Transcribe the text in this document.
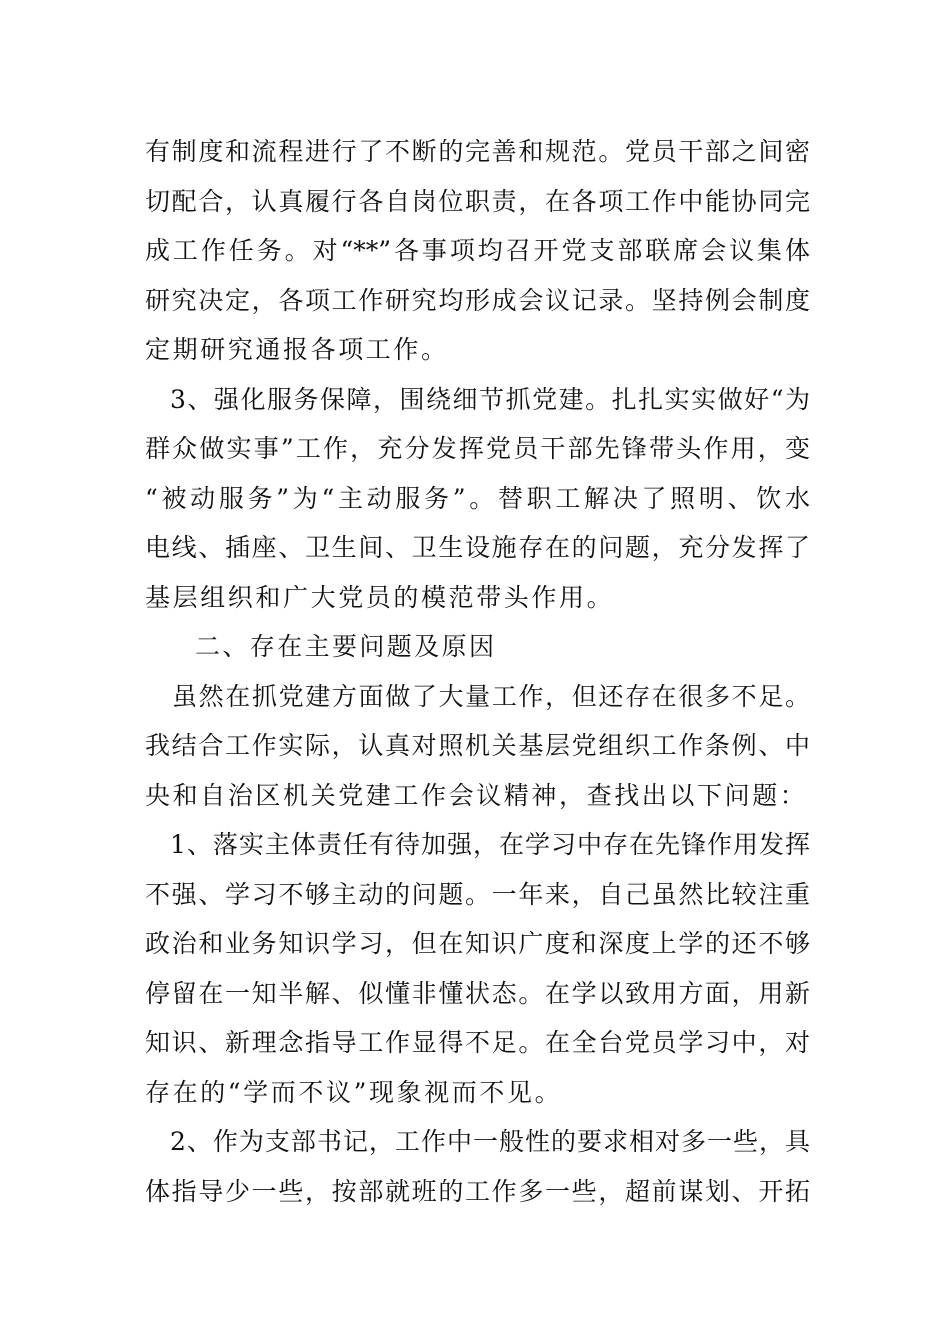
有制度和流程进行了不断的完善和规范。党员干部之间密
切配合，认真履行各自岗位职责，在各项工作中能协同完
成工作任务。对“**”各事项均召开党支部联席会议集体
研究决定，各项工作研究均形成会议记录。坚持例会制度
定期研究通报各项工作。
3、强化服务保障，围绕细节抓党建。扎扎实实做好“为
群众做实事”工作，充分发挥党员干部先锋带头作用，变
“被动服务”为“主动服务”。替职工解决了照明、饮水
电线、插座、卫生间、卫生设施存在的问题，充分发挥了
基层组织和广大党员的模范带头作用。
二、存在主要问题及原因
虽然在抓党建方面做了大量工作，但还存在很多不足。
我结合工作实际，认真对照机关基层党组织工作条例、中
央和自治区机关党建工作会议精神，查找出以下问题：
1、落实主体责任有待加强，在学习中存在先锋作用发挥
不强、学习不够主动的问题。一年来，自己虽然比较注重
政治和业务知识学习，但在知识广度和深度上学的还不够
停留在一知半解、似懂非懂状态。在学以致用方面，用新
知识、新理念指导工作显得不足。在全台党员学习中，对
存在的“学而不议”现象视而不见。
2、作为支部书记，工作中一般性的要求相对多一些，具
体指导少一些，按部就班的工作多一些，超前谋划、开拓
